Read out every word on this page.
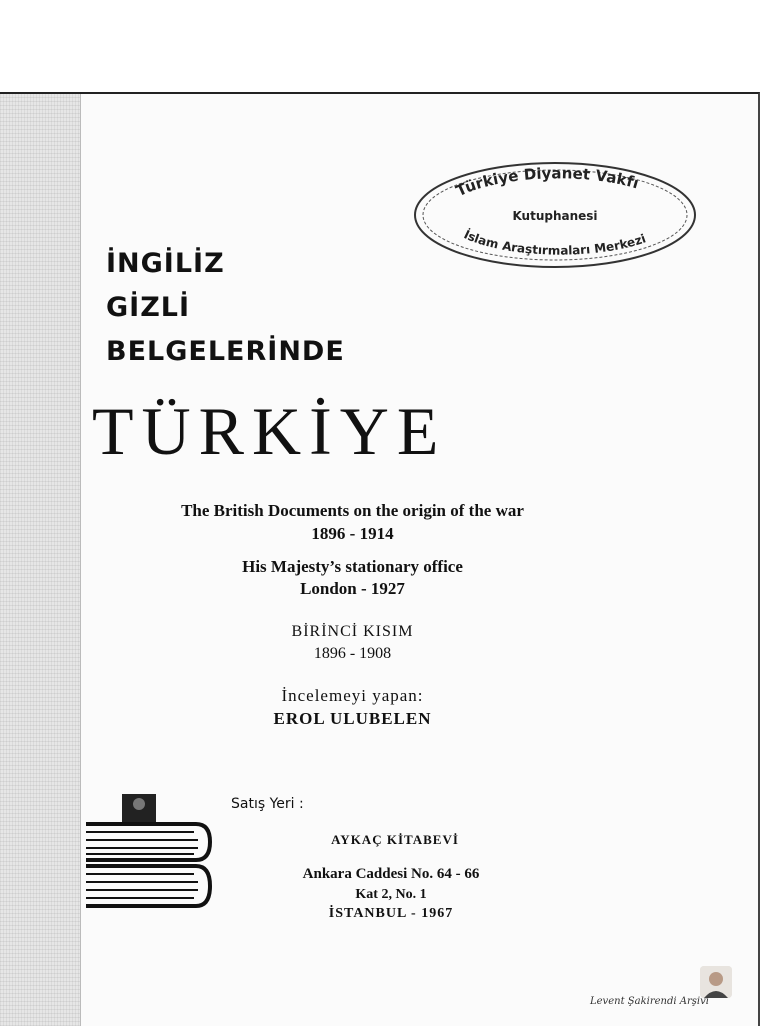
Türkiye Diyanet Vakfı
Kutuphanesi
İslam Araştırmaları Merkezi
İNGİLİZ
GİZLİ
BELGELERİNDE
TÜRKİYE
The British Documents on the origin of the war
1896 - 1914
His Majesty’s stationary office
London - 1927
BİRİNCİ KISIM
1896 - 1908
İncelemeyi yapan:
EROL ULUBELEN
Satış Yeri :
AYKAÇ KİTABEVİ
Ankara Caddesi No. 64 - 66
Kat 2, No. 1
İSTANBUL - 1967
Levent Şakirendi Arşivi
